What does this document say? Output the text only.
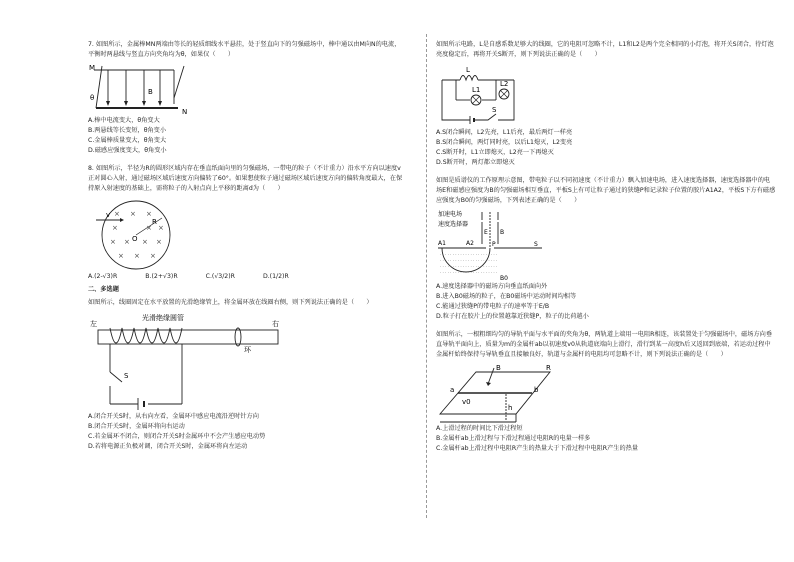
7. 如图所示，金属棒MN两端由等长的轻质细线水平悬挂，处于竖直向下的匀强磁场中，棒中通以由M向N的电流，平衡时两悬线与竖直方向夹角均为θ，如果仅（　　）

M
B
θ
N

A.棒中电流变大，θ角变大

B.两悬线等长变短，θ角变小

C.金属棒质量变大，θ角变大

D.磁感应强度变大，θ角变小

8. 如图所示，半径为R的圆形区域内存在垂直纸面向里的匀强磁场，一带电的粒子（不计重力）沿水平方向以速度v正对圆心入射，通过磁场区域后速度方向偏转了60°。如果想使粒子通过磁场区域后速度方向的偏转角度最大，在保持原入射速度的基础上，需将粒子的入射点向上平移的距离d为（　　）

× × ×
×	× ×
× × × ×
× × ×
v
O
R
A.(2-√3)R	B.(2+√3)R	C.(√3/2)R	D.(1/2)R
二、多选题

如图所示，线圈固定在水平放置的光滑绝缘管上，将金属环放在线圈右侧，则下列说法正确的是（　　）

光滑绝缘圆管
左	右
S
环

A.闭合开关S时，从右向左看，金属环中感应电流沿逆时针方向

B.闭合开关S时，金属环将向右运动

C.若金属环不闭合，则闭合开关S时金属环中不会产生感应电动势

D.若将电源正负极对调，闭合开关S时，金属环将向左运动

如图所示电路，L是自感系数足够大的线圈，它的电阻可忽略不计，L1和L2是两个完全相同的小灯泡，将开关S闭合，待灯泡亮度稳定后，再将开关S断开，则下列说法正确的是（　　）

L
L1
L2
S

A.S闭合瞬间，L2先亮，L1后亮，最后两灯一样亮

B.S闭合瞬间，两灯同时亮，以后L1熄灭，L2变亮

C.S断开时，L1立即熄灭，L2亮一下再熄灭

D.S断开时，两灯都立即熄灭

如图是质谱仪的工作原理示意图，带电粒子以不同初速度（不计重力）飘入加速电场，进入速度选择器，速度选择器中的电场E和磁感应强度为B的匀强磁场相互垂直，平板S上有可让粒子通过的狭缝P和记录粒子位置的胶片A1A2，平板S下方有磁感应强度为B0的匀强磁场，下列表述正确的是（　　）

加速电场
速度选择器
· · · · · · · · · · · · · · · · · · · · · · ·
· · · · · · · · · · · · · · · · · · · · · · ·
· · · · · · · · · · · · · · · · · · · · · · ·
· · · · · · · · · · · · · · · · · · · · · · ·
E B
P	S
A1	A2
B0

A.速度选择器中的磁场方向垂直纸面向外

B.进入B0磁场的粒子，在B0磁场中运动时间均相等

C.能通过狭缝P的带电粒子的速率等于E/B

D.粒子打在胶片上的位置越靠近狭缝P，粒子的比荷越小

如图所示，一根粗细均匀的导轨平面与水平面的夹角为θ，两轨道上端用一电阻R相连，该装置处于匀强磁场中，磁场方向垂直导轨平面向上，质量为m的金属杆ab以初速度v0从轨道底端向上滑行，滑行到某一高度h后又返回到底端，若运动过程中金属杆始终保持与导轨垂直且接触良好，轨道与金属杆的电阻均可忽略不计，则下列说法正确的是（　　）

B	R
a	b
v0
h

A.上滑过程的时间比下滑过程短

B.金属杆ab上滑过程与下滑过程通过电阻R的电量一样多

C.金属杆ab上滑过程中电阻R产生的热量大于下滑过程中电阻R产生的热量
